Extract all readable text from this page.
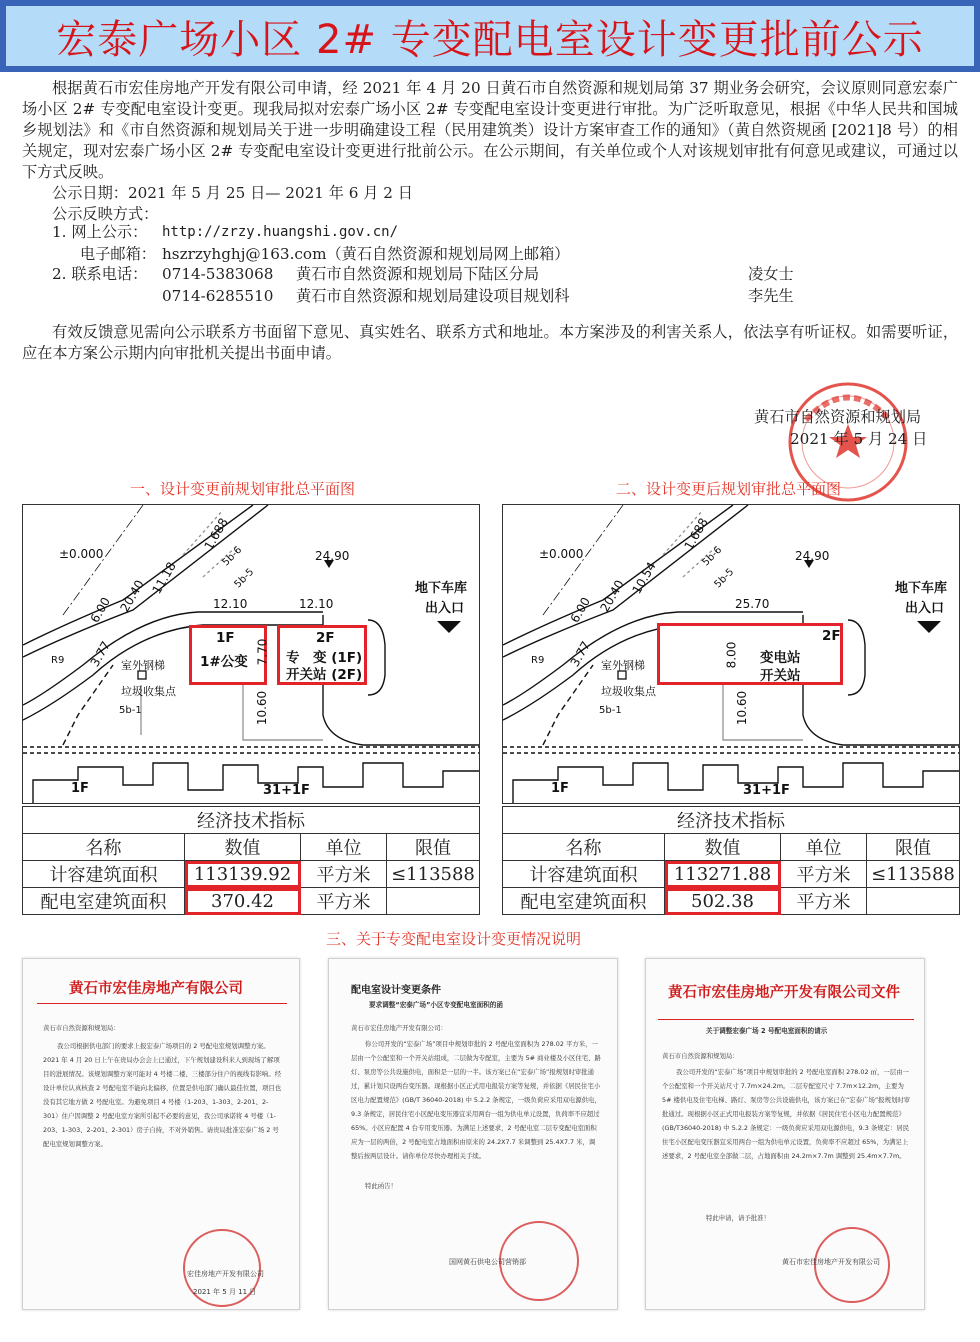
宏泰广场小区 2# 专变配电室设计变更批前公示
根据黄石市宏佳房地产开发有限公司申请，经 2021 年 4 月 20 日黄石市自然资源和规划局第 37 期业务会研究，会议原则同意宏泰广场小区 2# 专变配电室设计变更。现我局拟对宏泰广场小区 2# 专变配电室设计变更进行审批。为广泛听取意见，根据《中华人民共和国城乡规划法》和《市自然资源和规划局关于进一步明确建设工程（民用建筑类）设计方案审查工作的通知》（黄自然资规函 [2021]8 号）的相关规定，现对宏泰广场小区 2# 专变配电室设计变更进行批前公示。在公示期间，有关单位或个人对该规划审批有何意见或建议，可通过以下方式反映。
公示日期：2021 年 5 月 25 日— 2021 年 6 月 2 日
公示反映方式：
1. 网上公示： http://zrzy.huangshi.gov.cn/
电子邮箱： hszrzyhghj@163.com（黄石自然资源和规划局网上邮箱）
2. 联系电话： 0714-5383068 黄石市自然资源和规划局下陆区分局	凌女士
0714-6285510 黄石市自然资源和规划局建设项目规划科	李先生
有效反馈意见需向公示联系方书面留下意见、真实姓名、联系方式和地址。本方案涉及的利害关系人，依法享有听证权。如需要听证，应在本方案公示期内向审批机关提出书面申请。
黄石市自然资源和规划局
2021 年 5 月 24 日
一、设计变更前规划审批总平面图	二、设计变更后规划审批总平面图
±0.000	24.90
1.688
11.18
20.40
6.00
3.77
R9
12.10	12.10
5b-6
5b-5
5b-1
地下车库
出入口
室外钢梯
垃圾收集点	10.60
1F
1#公变 7.70
2F
专　变 (1F)
开关站 (2F)
1F	31+1F
±0.000	24.90
1.688
10.54
20.40
6.00
3.77
R9
25.70
5b-6
5b-5
5b-1
地下车库
出入口
室外钢梯
垃圾收集点	10.60
2F
变电站
开关站
8.00
1F	31+1F
经济技术指标			
名称	数值	单位	限值
计容建筑面积	113139.92	平方米	≤113588
配电室建筑面积	370.42	平方米	
经济技术指标			
名称	数值	单位	限值
计容建筑面积	113271.88	平方米	≤113588
配电室建筑面积	502.38	平方米	
三、关于专变配电室设计变更情况说明
黄石市宏佳房地产有限公司
黄石市自然资源和规划局：
我公司根据供电部门的要求上报宏泰广场项目的 2 号配电室规划调整方案。2021 年 4 月 20 日上午在贵局办会会上已通过，下午规划建设科来人到现场了解项目的进展情况。该规划调整方案可能对 4 号楼二楼、三楼部分住户的视线有影响。经设计单位认真核查 2 号配电室不能向北偏移，位置是供电部门确认最佳位置，项目也没有其它地方做 2 号配电室。为避免项目 4 号楼（1-203、1-303、2-201、2-301）住户因调整 2 号配电室方案所引起不必要的意见，我公司承诺将 4 号楼（1-203、1-303、2-201、2-301）房子自持，不对外销售。请贵局批准宏泰广场 2 号配电室规划调整方案。
宏佳房地产开发有限公司
2021 年 5 月 11 日
配电室设计变更条件
要求调整“宏泰广场”小区专变配电室面积的函
黄石市宏佳房地产开发有限公司：
你公司开发的“宏泰广场”项目中规划审批的 2 号配电室面积为 278.02 平方米，一层由一个公配室和一个开关站组成，二层做为专配室，主要为 5# 商业楼及小区住宅、路灯、泵房等公共设施供电，面积是一层的一半。该方案已在“宏泰广场”报规划时审批通过，累计划只设两台变压器。现根据小区正式用电报装方案等复规，并依据《居民住宅小区电力配置规范》(GB/T 36040-2018) 中 5.2.2 条规定，一级负荷应采用双电源供电，9.3 条规定，居民住宅小区配电变压器宜采用两台一组为供电单元设置，负荷率不应超过 65%。小区应配置 4 台专用变压器。为满足上述要求，2 号配电室二层专变配电室面积应为一层的两倍，2 号配电室占地面积由原来的 24.2X7.7 米调整到 25.4X7.7 米，调整后按两层设计。请你单位尽快办理相关手续。
特此函告！
国网黄石供电公司营销部
黄石市宏佳房地产开发有限公司文件
关于调整宏泰广场 2 号配电室面积的请示
黄石市自然资源和规划局：
我公司开发的“宏泰广场”项目中规划审批的 2 号配电室面积 278.02 ㎡，一层由一个公配室和一个开关站尺寸 7.7m×24.2m。二层专配室尺寸 7.7m×12.2m，主要为 5# 楼供电及住宅电梯、路灯、泵房等公共设施供电，该方案已在“宏泰广场”报规划时审批通过。现根据小区正式用电报装方案等复规，并依据《居民住宅小区电力配置规范》(GB/T36040-2018) 中 5.2.2 条规定：一级负荷应采用双电源供电，9.3 条规定：居民住宅小区配电变压器宜采用两台一组为供电单元设置，负荷率不应超过 65%，为满足上述要求，2 号配电室全部做二层，占地面积由 24.2m×7.7m 调整到 25.4m×7.7m。
特此申请，请予批准！
黄石市宏佳房地产开发有限公司
